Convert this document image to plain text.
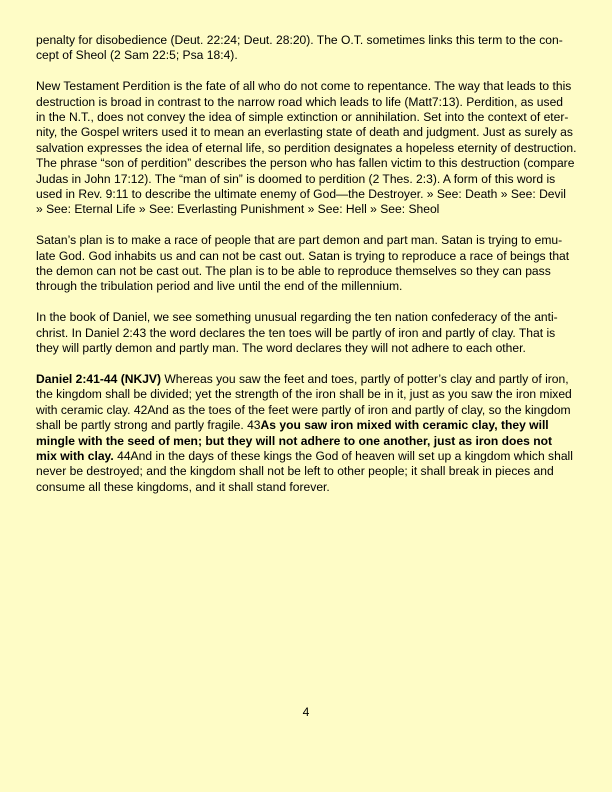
penalty for disobedience (Deut. 22:24; Deut. 28:20). The O.T. sometimes links this term to the con-
cept of Sheol (2 Sam 22:5; Psa 18:4).

New Testament Perdition is the fate of all who do not come to repentance. The way that leads to this
destruction is broad in contrast to the narrow road which leads to life (Matt7:13). Perdition, as used
in the N.T., does not convey the idea of simple extinction or annihilation. Set into the context of eter-
nity, the Gospel writers used it to mean an everlasting state of death and judgment. Just as surely as
salvation expresses the idea of eternal life, so perdition designates a hopeless eternity of destruction.
The phrase “son of perdition” describes the person who has fallen victim to this destruction (compare
Judas in John 17:12). The “man of sin” is doomed to perdition (2 Thes. 2:3). A form of this word is
used in Rev. 9:11 to describe the ultimate enemy of God—the Destroyer. » See: Death » See: Devil
» See: Eternal Life » See: Everlasting Punishment » See: Hell » See: Sheol

Satan’s plan is to make a race of people that are part demon and part man. Satan is trying to emu-
late God. God inhabits us and can not be cast out. Satan is trying to reproduce a race of beings that
the demon can not be cast out. The plan is to be able to reproduce themselves so they can pass
through the tribulation period and live until the end of the millennium.

In the book of Daniel, we see something unusual regarding the ten nation confederacy of the anti-
christ. In Daniel 2:43 the word declares the ten toes will be partly of iron and partly of clay. That is
they will partly demon and partly man. The word declares they will not adhere to each other.

Daniel 2:41-44 (NKJV) Whereas you saw the feet and toes, partly of potter’s clay and partly of iron,
the kingdom shall be divided; yet the strength of the iron shall be in it, just as you saw the iron mixed
with ceramic clay. 42And as the toes of the feet were partly of iron and partly of clay, so the kingdom
shall be partly strong and partly fragile. 43As you saw iron mixed with ceramic clay, they will
mingle with the seed of men; but they will not adhere to one another, just as iron does not
mix with clay. 44And in the days of these kings the God of heaven will set up a kingdom which shall
never be destroyed; and the kingdom shall not be left to other people; it shall break in pieces and
consume all these kingdoms, and it shall stand forever.

4
